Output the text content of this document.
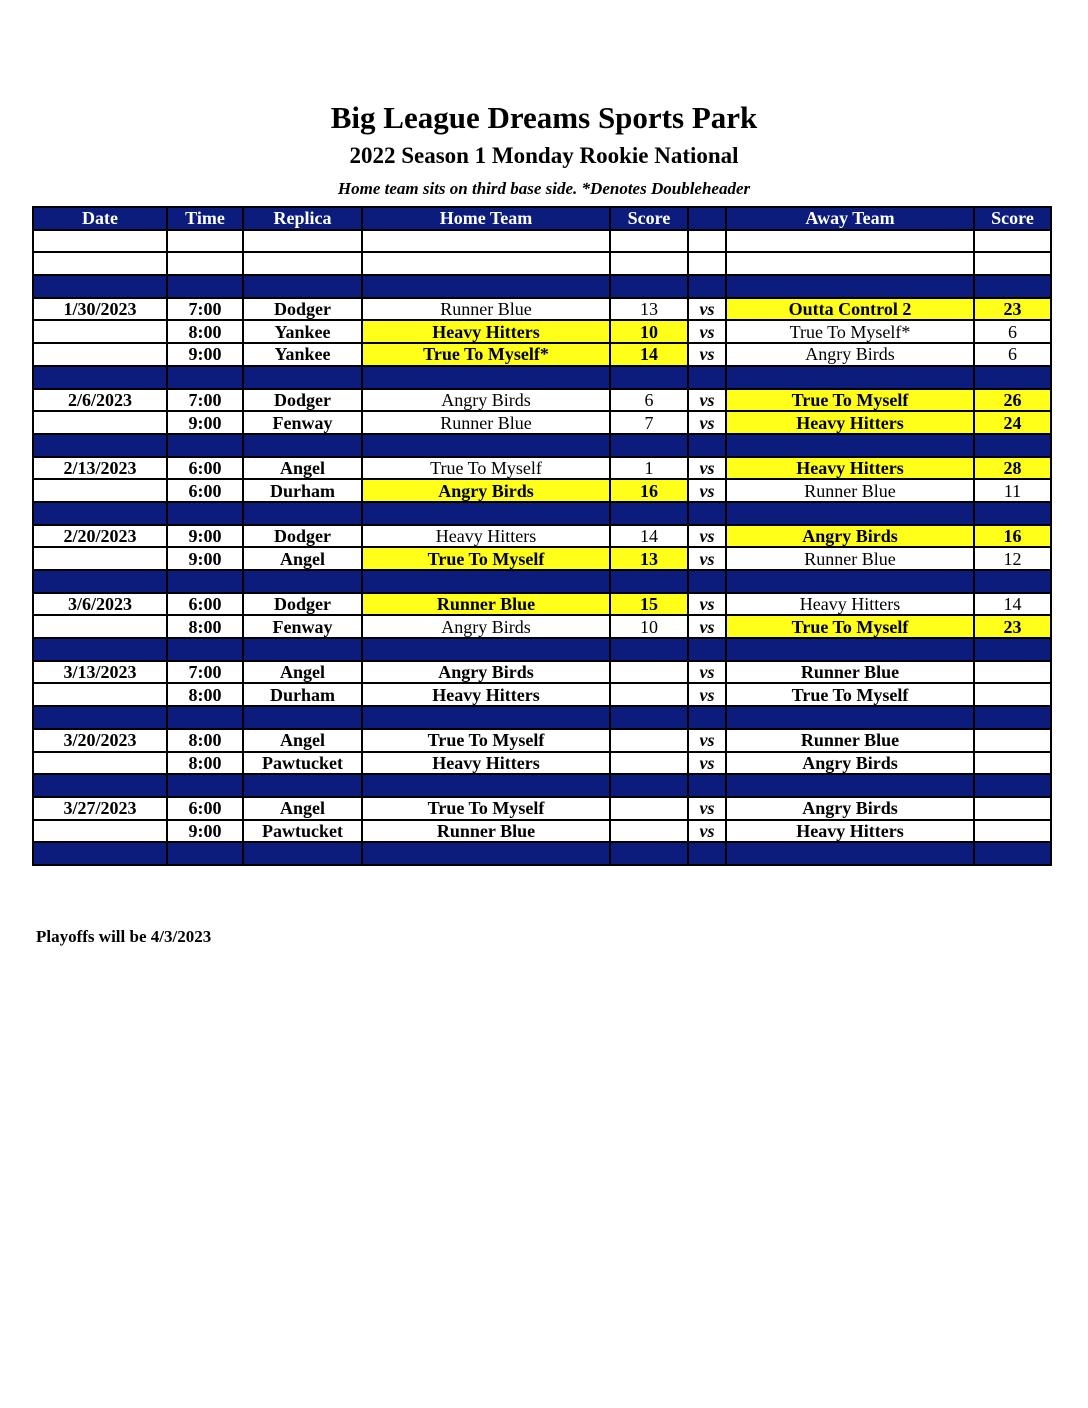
Big League Dreams Sports Park
2022 Season 1 Monday Rookie National
Home team sits on third base side. *Denotes Doubleheader
Date	Time	Replica	Home Team	Score		Away Team	Score

1/30/2023	7:00	Dodger	Runner Blue	13	vs	Outta Control 2	23
	8:00	Yankee	Heavy Hitters	10	vs	True To Myself*	6
	9:00	Yankee	True To Myself*	14	vs	Angry Birds	6

2/6/2023	7:00	Dodger	Angry Birds	6	vs	True To Myself	26
	9:00	Fenway	Runner Blue	7	vs	Heavy Hitters	24

2/13/2023	6:00	Angel	True To Myself	1	vs	Heavy Hitters	28
	6:00	Durham	Angry Birds	16	vs	Runner Blue	11

2/20/2023	9:00	Dodger	Heavy Hitters	14	vs	Angry Birds	16
	9:00	Angel	True To Myself	13	vs	Runner Blue	12

3/6/2023	6:00	Dodger	Runner Blue	15	vs	Heavy Hitters	14
	8:00	Fenway	Angry Birds	10	vs	True To Myself	23

3/13/2023	7:00	Angel	Angry Birds		vs	Runner Blue	
	8:00	Durham	Heavy Hitters		vs	True To Myself	

3/20/2023	8:00	Angel	True To Myself		vs	Runner Blue	
	8:00	Pawtucket	Heavy Hitters		vs	Angry Birds	

3/27/2023	6:00	Angel	True To Myself		vs	Angry Birds	
	9:00	Pawtucket	Runner Blue		vs	Heavy Hitters	

Playoffs will be 4/3/2023
